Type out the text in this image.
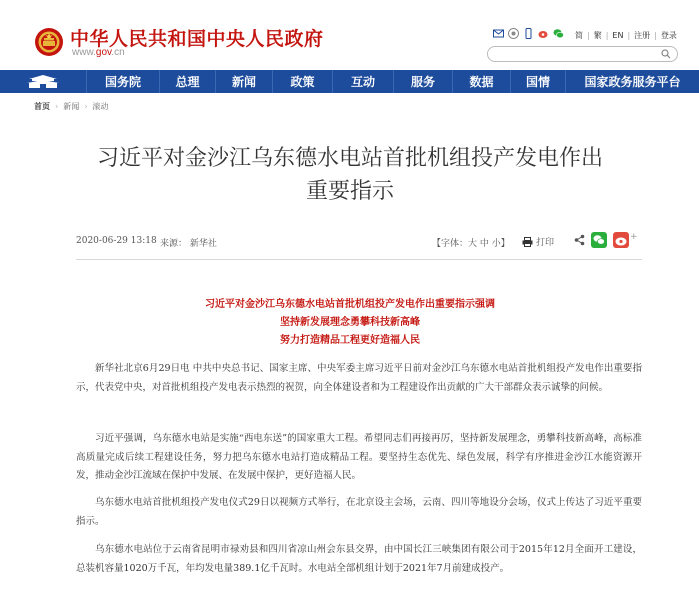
中华人民共和国中央人民政府
www.gov.cn
简 | 繁 | EN | 注册 | 登录
国务院	总理	新闻	政策	互动	服务	数据	国情	国家政务服务平台
首页 › 新闻 › 滚动
习近平对金沙江乌东德水电站首批机组投产发电作出
重要指示
2020-06-29 13:18 来源： 新华社	【字体：大 中 小】	打印
+
习近平对金沙江乌东德水电站首批机组投产发电作出重要指示强调
坚持新发展理念勇攀科技新高峰
努力打造精品工程更好造福人民

新华社北京6月29日电 中共中央总书记、国家主席、中央军委主席习近平日前对金沙江乌东德水电站首批机组投产发电作出重要指示，代表党中央，对首批机组投产发电表示热烈的祝贺，向全体建设者和为工程建设作出贡献的广大干部群众表示诚挚的问候。

习近平强调，乌东德水电站是实施“西电东送”的国家重大工程。希望同志们再接再厉，坚持新发展理念，勇攀科技新高峰，高标准高质量完成后续工程建设任务，努力把乌东德水电站打造成精品工程。要坚持生态优先、绿色发展，科学有序推进金沙江水能资源开发，推动金沙江流域在保护中发展、在发展中保护，更好造福人民。

乌东德水电站首批机组投产发电仪式29日以视频方式举行，在北京设主会场，云南、四川等地设分会场，仪式上传达了习近平重要指示。

乌东德水电站位于云南省昆明市禄劝县和四川省凉山州会东县交界，由中国长江三峡集团有限公司于2015年12月全面开工建设，总装机容量1020万千瓦，年均发电量389.1亿千瓦时。水电站全部机组计划于2021年7月前建成投产。
